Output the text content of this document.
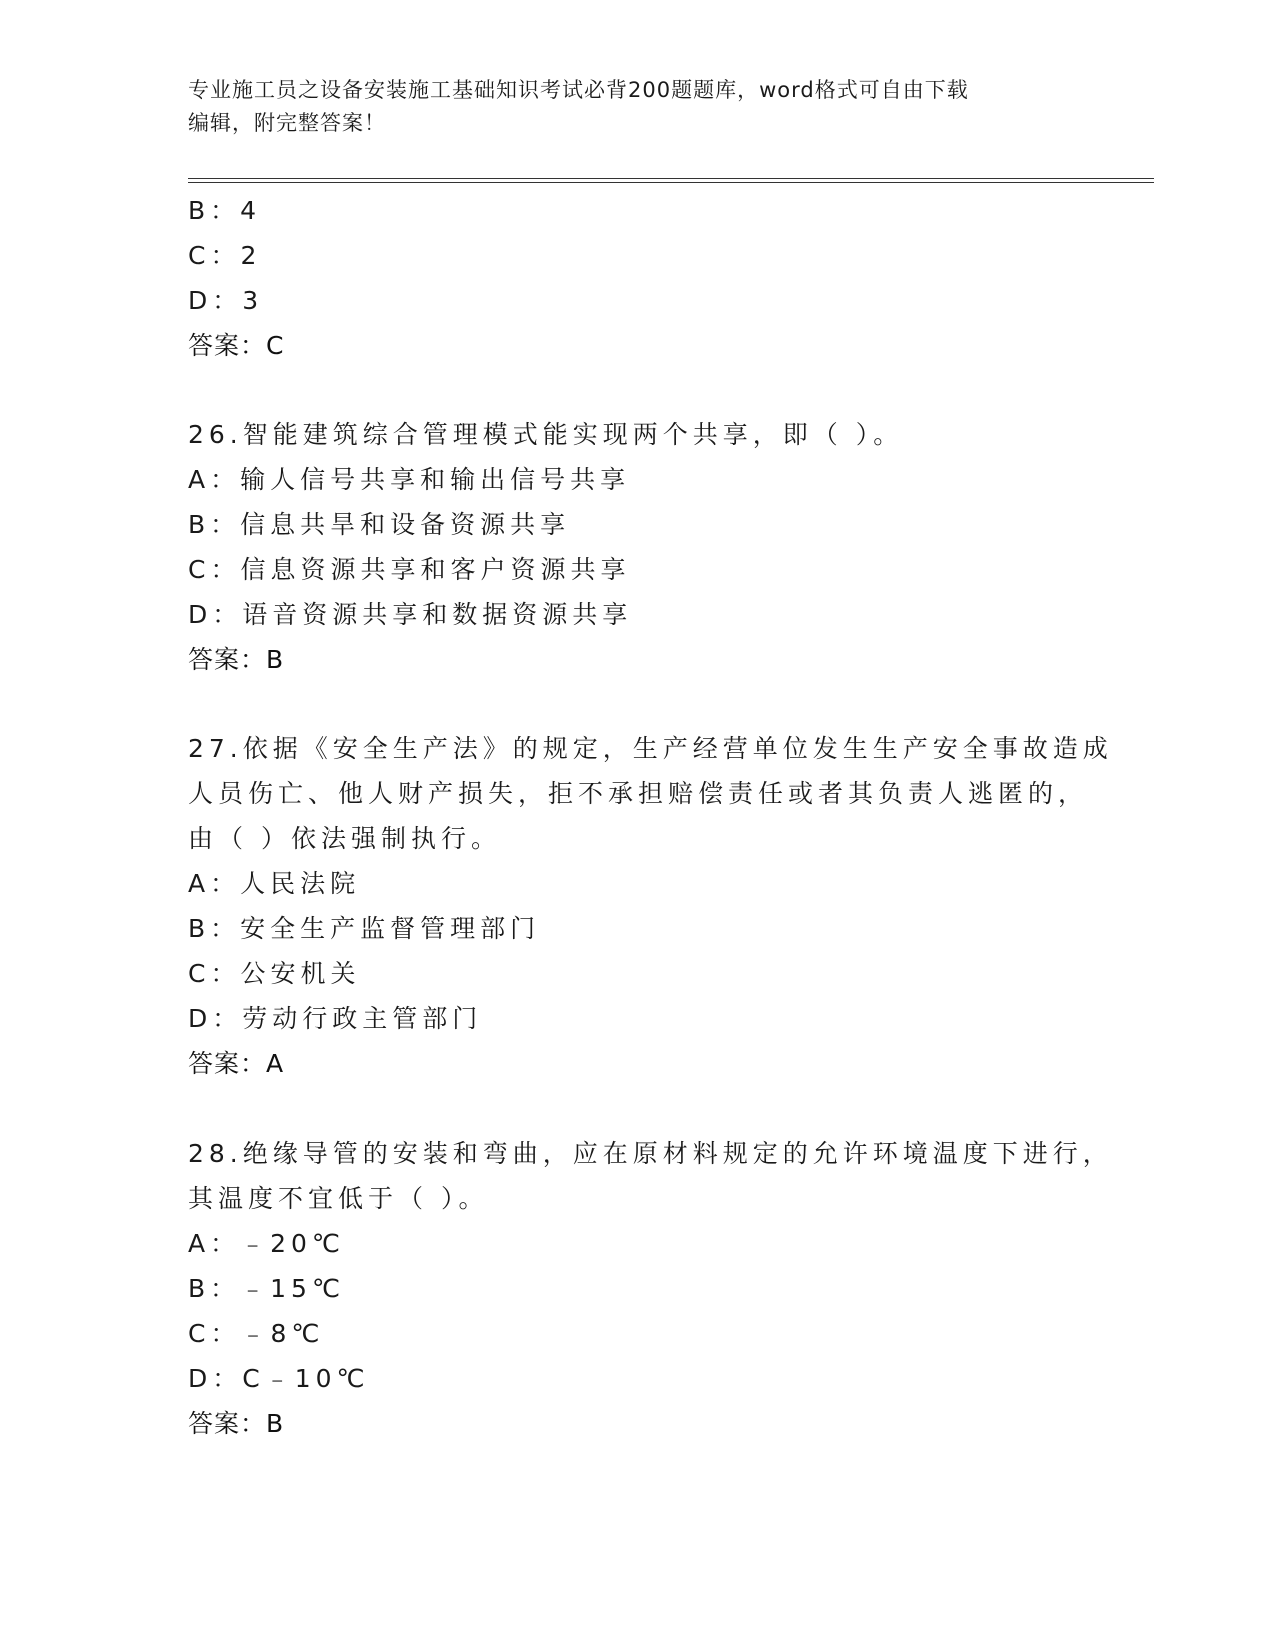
专业施工员之设备安装施工基础知识考试必背200题题库，word格式可自由下载
编辑，附完整答案！
B：4
C：2
D：3
答案：C
26.智能建筑综合管理模式能实现两个共享，即（ ）。
A：输人信号共享和输出信号共享
B：信息共旱和设备资源共享
C：信息资源共享和客户资源共享
D：语音资源共享和数据资源共享
答案：B
27.依据《安全生产法》的规定，生产经营单位发生生产安全事故造成
人员伤亡、他人财产损失，拒不承担赔偿责任或者其负责人逃匿的，
由（ ）依法强制执行。
A：人民法院
B：安全生产监督管理部门
C：公安机关
D：劳动行政主管部门
答案：A
28.绝缘导管的安装和弯曲，应在原材料规定的允许环境温度下进行，
其温度不宜低于（ ）。
A：﹣20℃
B：﹣15℃
C：﹣8℃
D：C﹣10℃
答案：B
